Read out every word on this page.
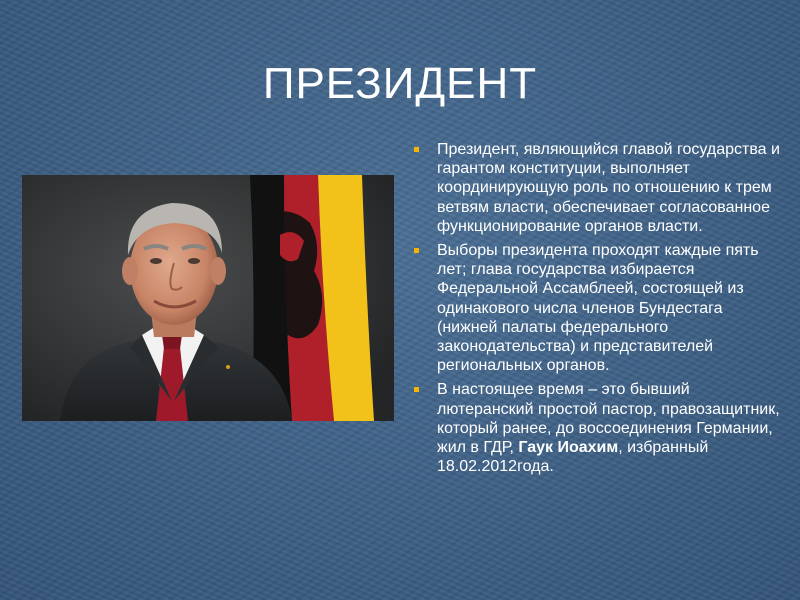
ПРЕЗИДЕНТ
Президент, являющийся главой государства и гарантом конституции, выполняет координирующую роль по отношению к трем ветвям власти, обеспечивает согласованное функционирование органов власти.
Выборы президента проходят каждые пять лет; глава государства избирается Федеральной Ассамблеей, состоящей из одинакового числа членов Бундестага (нижней палаты федерального законодательства) и представителей региональных органов.
В настоящее время – это бывший лютеранский простой пастор, правозащитник, который ранее, до воссоединения Германии, жил в ГДР, Гаук Иоахим, избранный 18.02.2012года.
